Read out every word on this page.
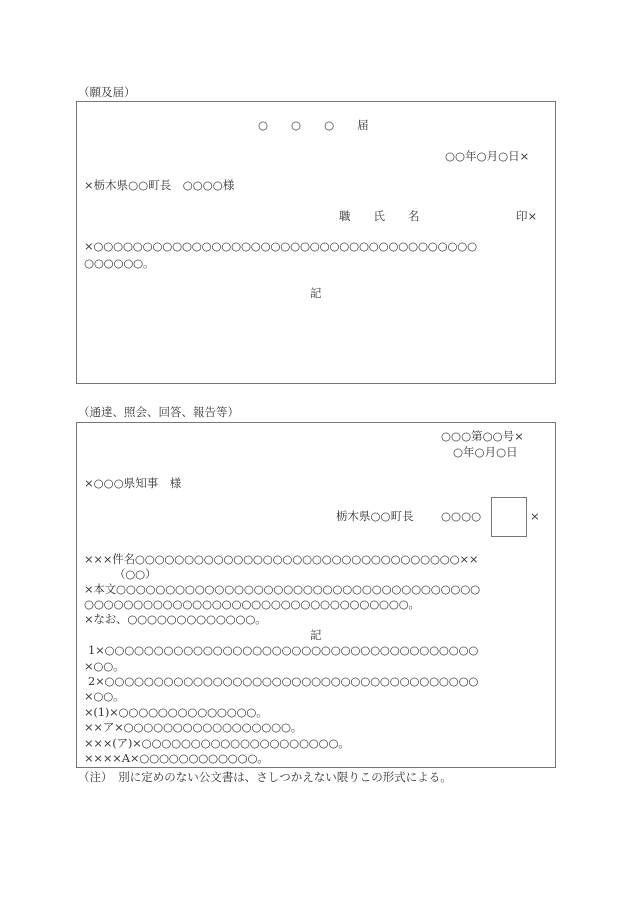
（願及届）
○　　○　　○　　届
○○年○月○日×
×栃木県○○町長　○○○○様
職　　氏　　名	印×
×○○○○○○○○○○○○○○○○○○○○○○○○○○○○○○○○○○○○○○○
○○○○○○。
記
（通達、照会、回答、報告等）
○○○第○○号×
○年○月○日
×○○○県知事　様
栃木県○○町長 ○○○○	×
×××件名○○○○○○○○○○○○○○○○○○○○○○○○○○○○○○○○○××
（○○）
×本文○○○○○○○○○○○○○○○○○○○○○○○○○○○○○○○○○○○○○
○○○○○○○○○○○○○○○○○○○○○○○○○○○○○○○○○。
×なお、○○○○○○○○○○○○○。
記
1×○○○○○○○○○○○○○○○○○○○○○○○○○○○○○○○○○○○○○○
×○○。
2×○○○○○○○○○○○○○○○○○○○○○○○○○○○○○○○○○○○○○○
×○○。
×(1)×○○○○○○○○○○○○○○。
××ア×○○○○○○○○○○○○○○○○○。
×××(ア)×○○○○○○○○○○○○○○○○○○○○。
××××A×○○○○○○○○○○○○。
（注）　別に定めのない公文書は、さしつかえない限りこの形式による。
